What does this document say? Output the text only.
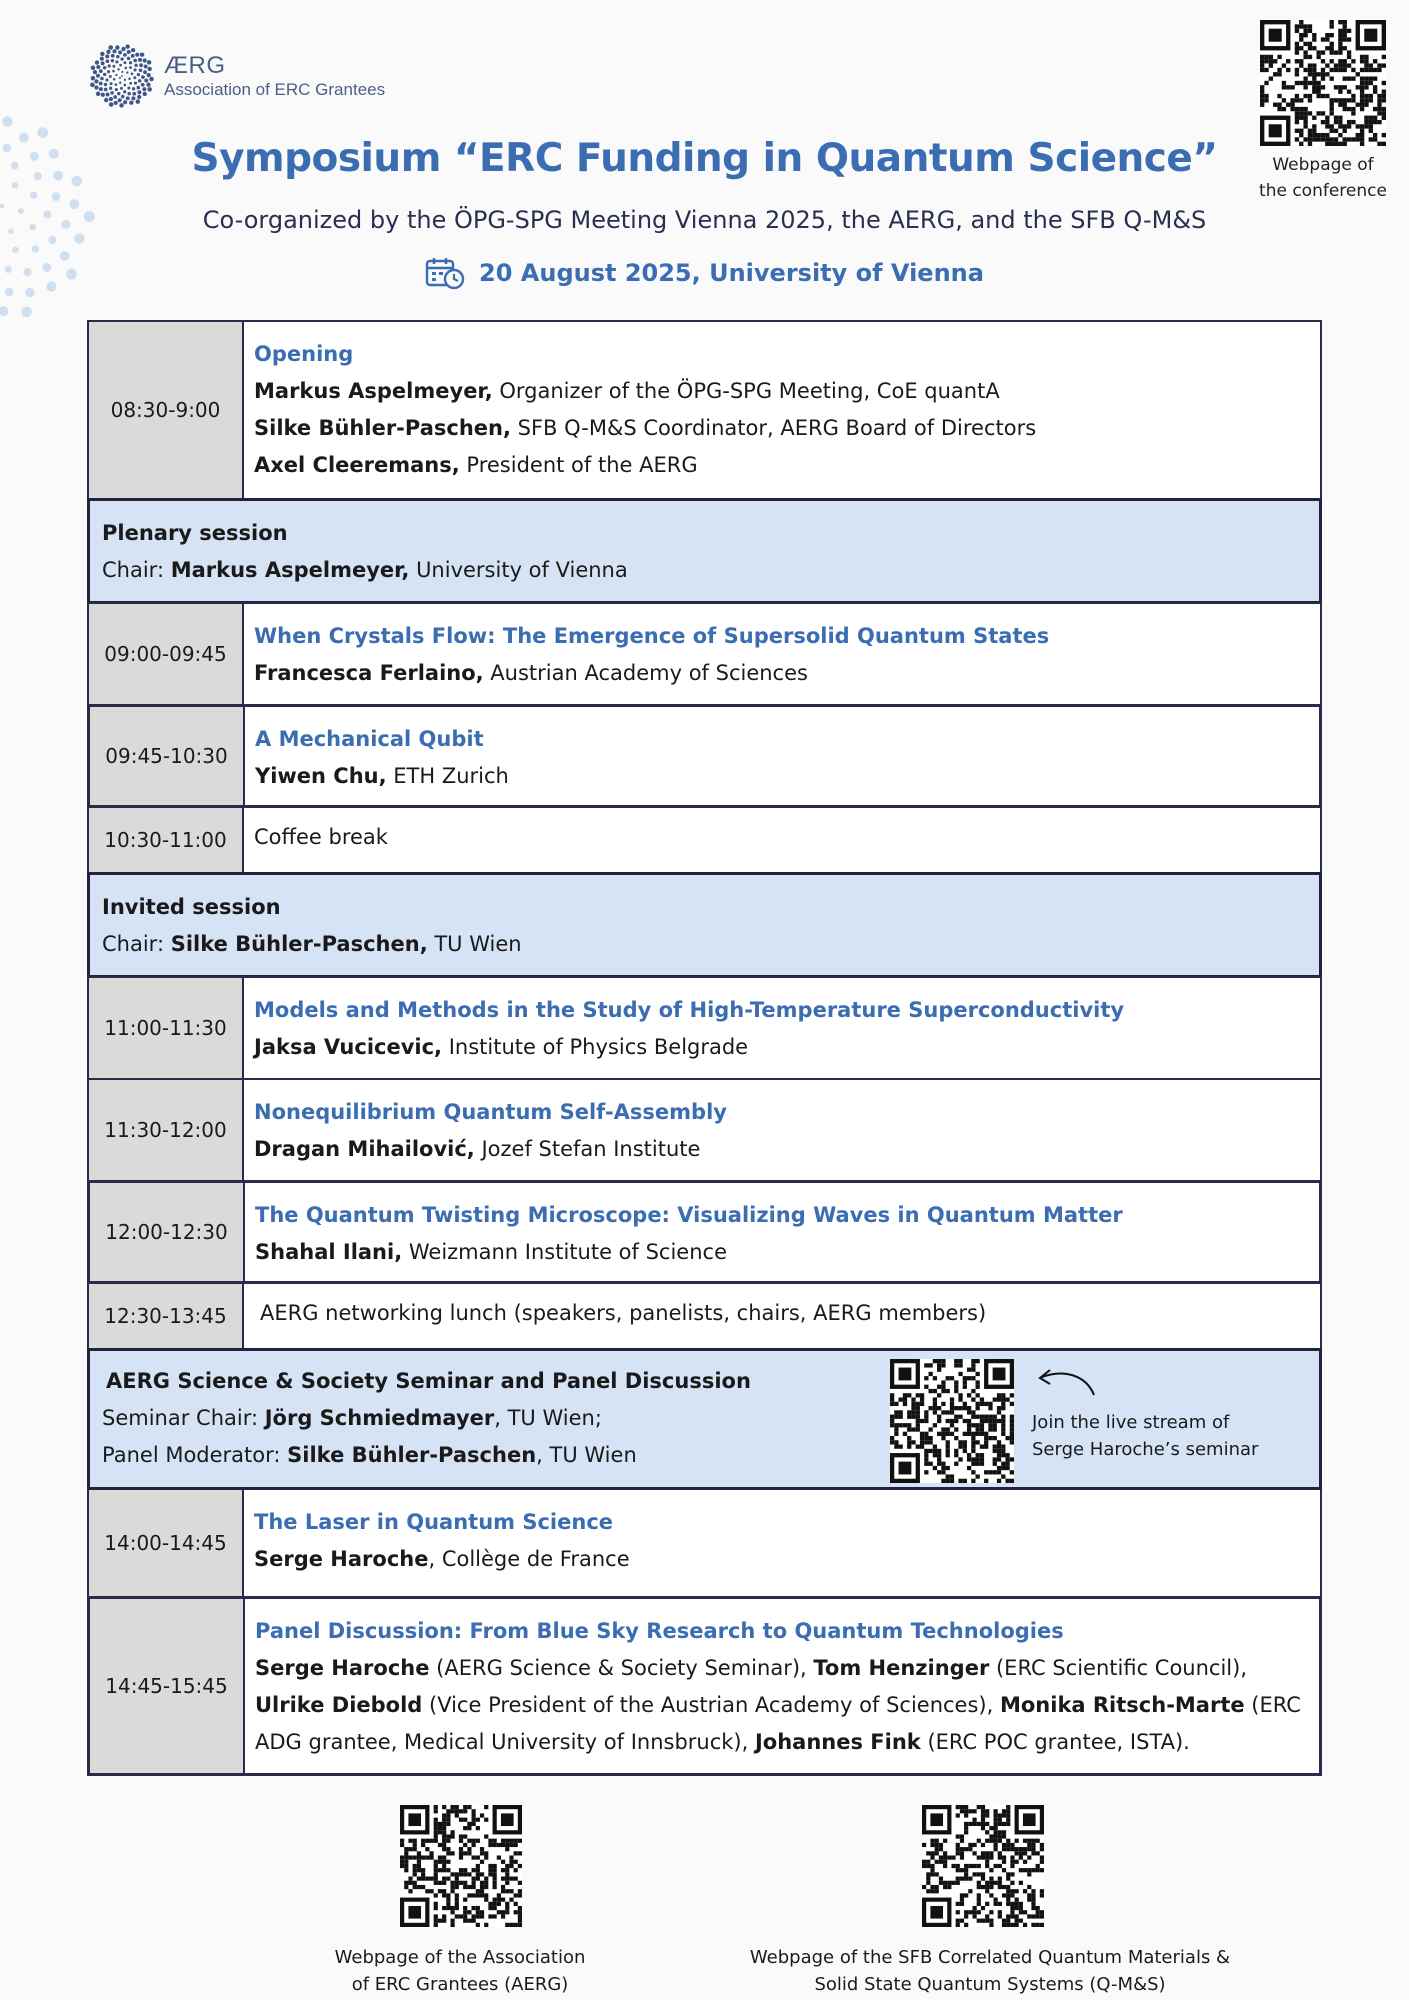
ÆRG
Association of ERC Grantees
Webpage of
the conference
Symposium “ERC Funding in Quantum Science”
Co-organized by the ÖPG-SPG Meeting Vienna 2025, the AERG, and the SFB Q-M&S
20 August 2025, University of Vienna
08:30-9:00
Opening
Markus Aspelmeyer, Organizer of the ÖPG-SPG Meeting, CoE quantA
Silke Bühler-Paschen, SFB Q-M&S Coordinator, AERG Board of Directors
Axel Cleeremans, President of the AERG
Plenary session
Chair: Markus Aspelmeyer, University of Vienna
09:00-09:45
When Crystals Flow: The Emergence of Supersolid Quantum States
Francesca Ferlaino, Austrian Academy of Sciences
09:45-10:30
A Mechanical Qubit
Yiwen Chu, ETH Zurich
10:30-11:00	Coffee break
Invited session
Chair: Silke Bühler-Paschen, TU Wien
11:00-11:30
Models and Methods in the Study of High-Temperature Superconductivity
Jaksa Vucicevic, Institute of Physics Belgrade
11:30-12:00
Nonequilibrium Quantum Self-Assembly
Dragan Mihailović, Jozef Stefan Institute
12:00-12:30
The Quantum Twisting Microscope: Visualizing Waves in Quantum Matter
Shahal Ilani, Weizmann Institute of Science
12:30-13:45	AERG networking lunch (speakers, panelists, chairs, AERG members)
AERG Science & Society Seminar and Panel Discussion
Seminar Chair: Jörg Schmiedmayer, TU Wien;
Panel Moderator: Silke Bühler-Paschen, TU Wien
Join the live stream of
Serge Haroche’s seminar
14:00-14:45
The Laser in Quantum Science
Serge Haroche, Collège de France
14:45-15:45
Panel Discussion: From Blue Sky Research to Quantum Technologies
Serge Haroche (AERG Science & Society Seminar), Tom Henzinger (ERC Scientific Council), Ulrike Diebold (Vice President of the Austrian Academy of Sciences), Monika Ritsch-Marte (ERC ADG grantee, Medical University of Innsbruck), Johannes Fink (ERC POC grantee, ISTA).
Webpage of the Association
of ERC Grantees (AERG)
Webpage of the SFB Correlated Quantum Materials &
Solid State Quantum Systems (Q-M&S)
